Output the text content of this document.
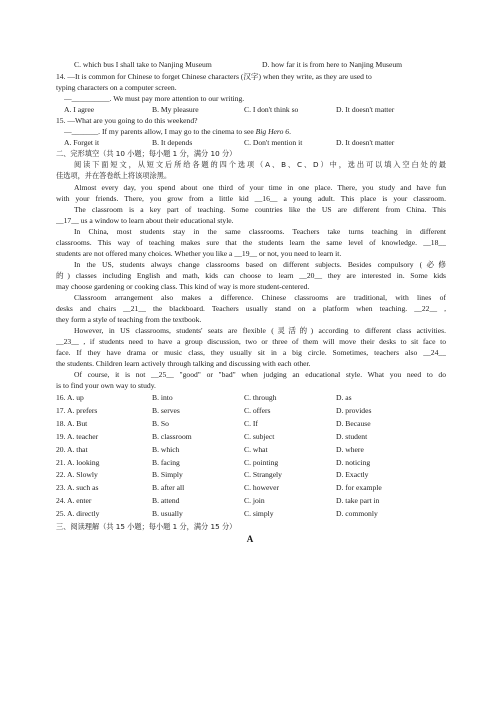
C. which bus I shall take to Nanjing Museum	D. how far it is from here to Nanjing Museum
14. —It is common for Chinese to forget Chinese characters (汉字) when they write, as they are used to
typing characters on a computer screen.
—__________. We must pay more attention to our writing.
A. I agree	B. My pleasure	C. I don't think so	D. It doesn't matter
15. —What are you going to do this weekend?
—_______. If my parents allow, I may go to the cinema to see Big Hero 6.
A. Forget it	B. It depends	C. Don't mention it	D. It doesn't matter
二、完形填空（共 10 小题；每小题 1 分，满分 10 分）
阅读下面短文，从短文后所给各题的四个选项（A、B、C、D）中，选出可以填入空白处的最
佳选项，并在答卷纸上将该项涂黑。
Almost every day, you spend about one third of your time in one place. There, you study and have fun
with your friends. There, you grow from a little kid __16__ a young adult. This place is your classroom.
The classroom is a key part of teaching. Some countries like the US are different from China. This
__17__ us a window to learn about their educational style.
In China, most students stay in the same classrooms. Teachers take turns teaching in different
classrooms. This way of teaching makes sure that the students learn the same level of knowledge. __18__
students are not offered many choices. Whether you like a __19__ or not, you need to learn it.
In the US, students always change classrooms based on different subjects. Besides compulsory (必修
的) classes including English and math, kids can choose to learn __20__ they are interested in. Some kids
may choose gardening or cooking class. This kind of way is more student-centered.
Classroom arrangement also makes a difference. Chinese classrooms are traditional, with lines of
desks and chairs __21__ the blackboard. Teachers usually stand on a platform when teaching. __22__ ,
they form a style of teaching from the textbook.
However, in US classrooms, students' seats are flexible (灵活的) according to different class activities.
__23__ , if students need to have a group discussion, two or three of them will move their desks to sit face to
face. If they have drama or music class, they usually sit in a big circle. Sometimes, teachers also __24__
the students. Children learn actively through talking and discussing with each other.
Of course, it is not __25__ "good" or "bad" when judging an educational style. What you need to do
is to find your own way to study.
16. A. up	B. into	C. through	D. as
17. A. prefers	B. serves	C. offers	D. provides
18. A. But	B. So	C. If	D. Because
19. A. teacher	B. classroom	C. subject	D. student
20. A. that	B. which	C. what	D. where
21. A. looking	B. facing	C. pointing	D. noticing
22. A. Slowly	B. Simply	C. Strangely	D. Exactly
23. A. such as	B. after all	C. however	D. for example
24. A. enter	B. attend	C. join	D. take part in
25. A. directly	B. usually	C. simply	D. commonly
三、阅读理解（共 15 小题；每小题 1 分，满分 15 分）
A
